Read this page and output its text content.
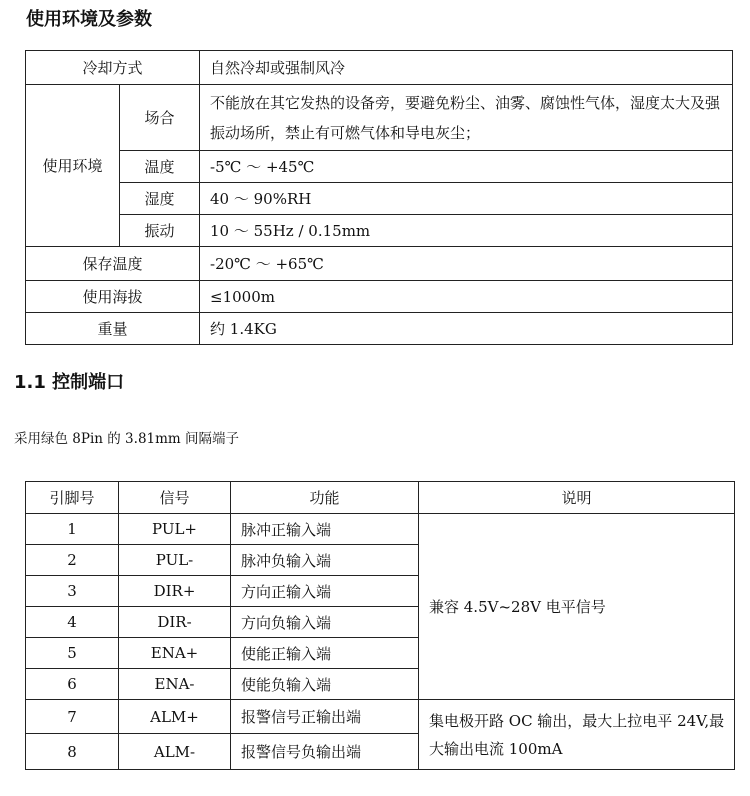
使用环境及参数
冷却方式		自然冷却或强制风冷
使用环境	场合	不能放在其它发热的设备旁，要避免粉尘、油雾、腐蚀性气体，湿度太大及强振动场所，禁止有可燃气体和导电灰尘；
	温度	-5℃ ～ +45℃
	湿度	40 ～ 90%RH
	振动	10 ～ 55Hz / 0.15mm
保存温度		-20℃ ～ +65℃
使用海拔		≤1000m
重量		约 1.4KG
1.1 控制端口

采用绿色 8Pin 的 3.81mm 间隔端子

引脚号	信号	功能	说明
1	PUL+	脉冲正输入端	兼容 4.5V~28V 电平信号
2	PUL-	脉冲负输入端	
3	DIR+	方向正输入端	
4	DIR-	方向负输入端	
5	ENA+	使能正输入端	
6	ENA-	使能负输入端	
7	ALM+	报警信号正输出端	集电极开路 OC 输出，最大上拉电平 24V,最大输出电流 100mA
8	ALM-	报警信号负输出端	
